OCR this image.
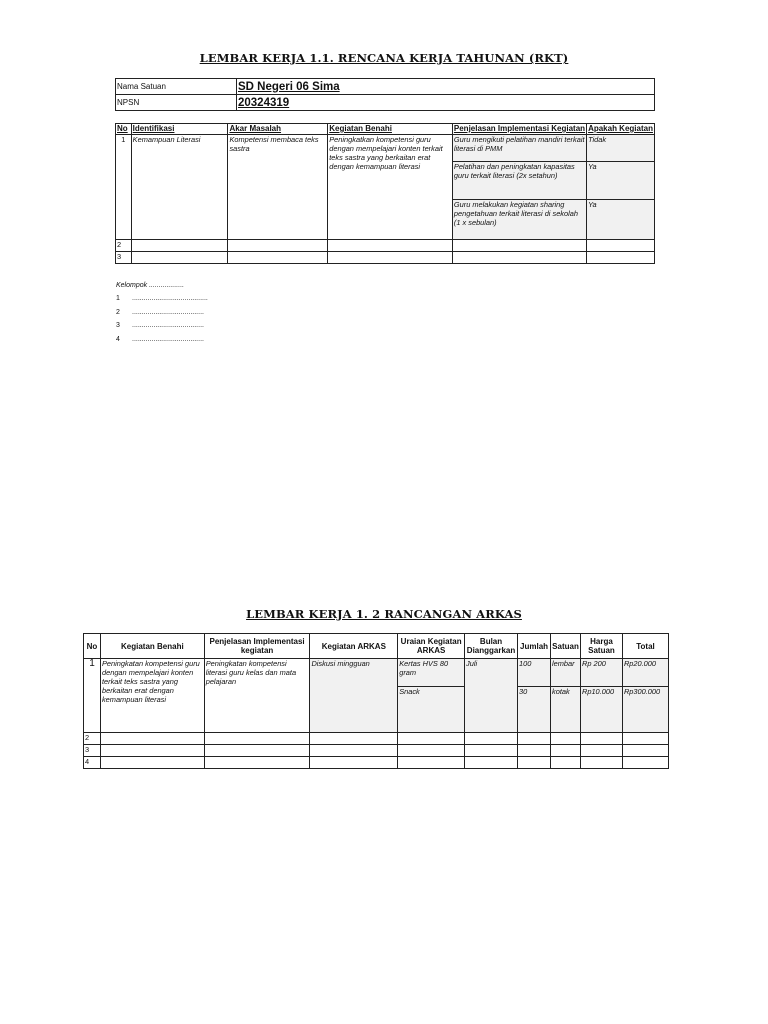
LEMBAR KERJA 1.1. RENCANA KERJA TAHUNAN (RKT)
Nama Satuan	SD Negeri 06 Sima
NPSN	20324319
No	Identifikasi	Akar Masalah	Kegiatan Benahi	Penjelasan Implementasi Kegiatan	Apakah Kegiatan
1	Kemampuan Literasi	Kompetensi membaca teks sastra	Peningkatkan kompetensi guru dengan mempelajari konten terkait teks sastra yang berkaitan erat dengan kemampuan literasi	Guru mengikuti pelatihan mandiri terkait literasi di PMM	Tidak
				Pelatihan dan peningkatan kapasitas guru terkait literasi (2x setahun)	Ya
				Guru melakukan kegiatan sharing pengetahuan terkait literasi di sekolah (1 x sebulan)	Ya
2					
3					
Kelompok ..................
1 .......................................
2 .....................................
3 .....................................
4 .....................................
LEMBAR KERJA 1. 2 RANCANGAN ARKAS
No	Kegiatan Benahi	Penjelasan Implementasi kegiatan	Kegiatan ARKAS	Uraian Kegiatan ARKAS	Bulan Dianggarkan	Jumlah	Satuan	Harga Satuan	Total
1	Peningkatan kompetensi guru dengan mempelajari konten terkait teks sastra yang berkaitan erat dengan kemampuan literasi	Peningkatan kompetensi literasi guru kelas dan mata pelajaran	Diskusi mingguan	Kertas HVS 80 gram	Juli	100	lembar	Rp 200	Rp20.000
				Snack		30	kotak	Rp10.000	Rp300.000
2									
3									
4									
